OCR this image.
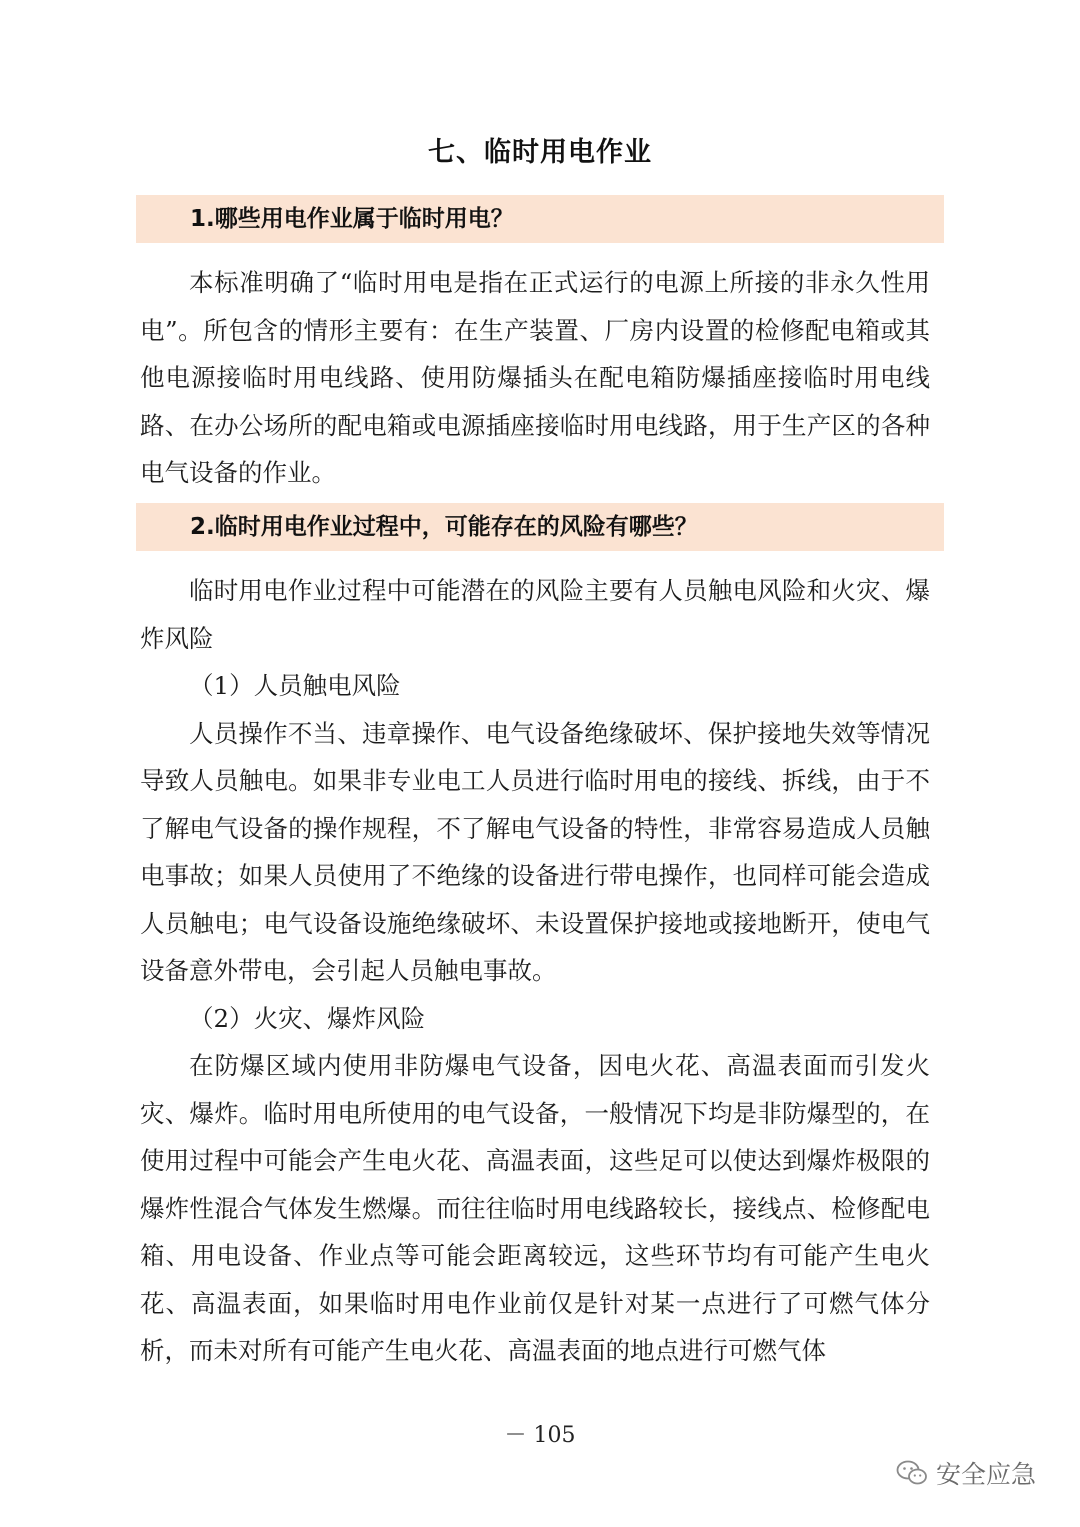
七、临时用电作业
1.哪些用电作业属于临时用电？

本标准明确了“临时用电是指在正式运行的电源上所接的非永久性用电”。所包含的情形主要有：在生产装置、厂房内设置的检修配电箱或其他电源接临时用电线路、使用防爆插头在配电箱防爆插座接临时用电线路、在办公场所的配电箱或电源插座接临时用电线路，用于生产区的各种电气设备的作业。

2.临时用电作业过程中，可能存在的风险有哪些？

临时用电作业过程中可能潜在的风险主要有人员触电风险和火灾、爆炸风险

（1）人员触电风险

人员操作不当、违章操作、电气设备绝缘破坏、保护接地失效等情况导致人员触电。如果非专业电工人员进行临时用电的接线、拆线，由于不了解电气设备的操作规程，不了解电气设备的特性，非常容易造成人员触电事故；如果人员使用了不绝缘的设备进行带电操作，也同样可能会造成人员触电；电气设备设施绝缘破坏、未设置保护接地或接地断开，使电气设备意外带电，会引起人员触电事故。

（2）火灾、爆炸风险

在防爆区域内使用非防爆电气设备，因电火花、高温表面而引发火灾、爆炸。临时用电所使用的电气设备，一般情况下均是非防爆型的，在使用过程中可能会产生电火花、高温表面，这些足可以使达到爆炸极限的爆炸性混合气体发生燃爆。而往往临时用电线路较长，接线点、检修配电箱、用电设备、作业点等可能会距离较远，这些环节均有可能产生电火花、高温表面，如果临时用电作业前仅是针对某一点进行了可燃气体分析，而未对所有可能产生电火花、高温表面的地点进行可燃气体

－ 105
安全应急
